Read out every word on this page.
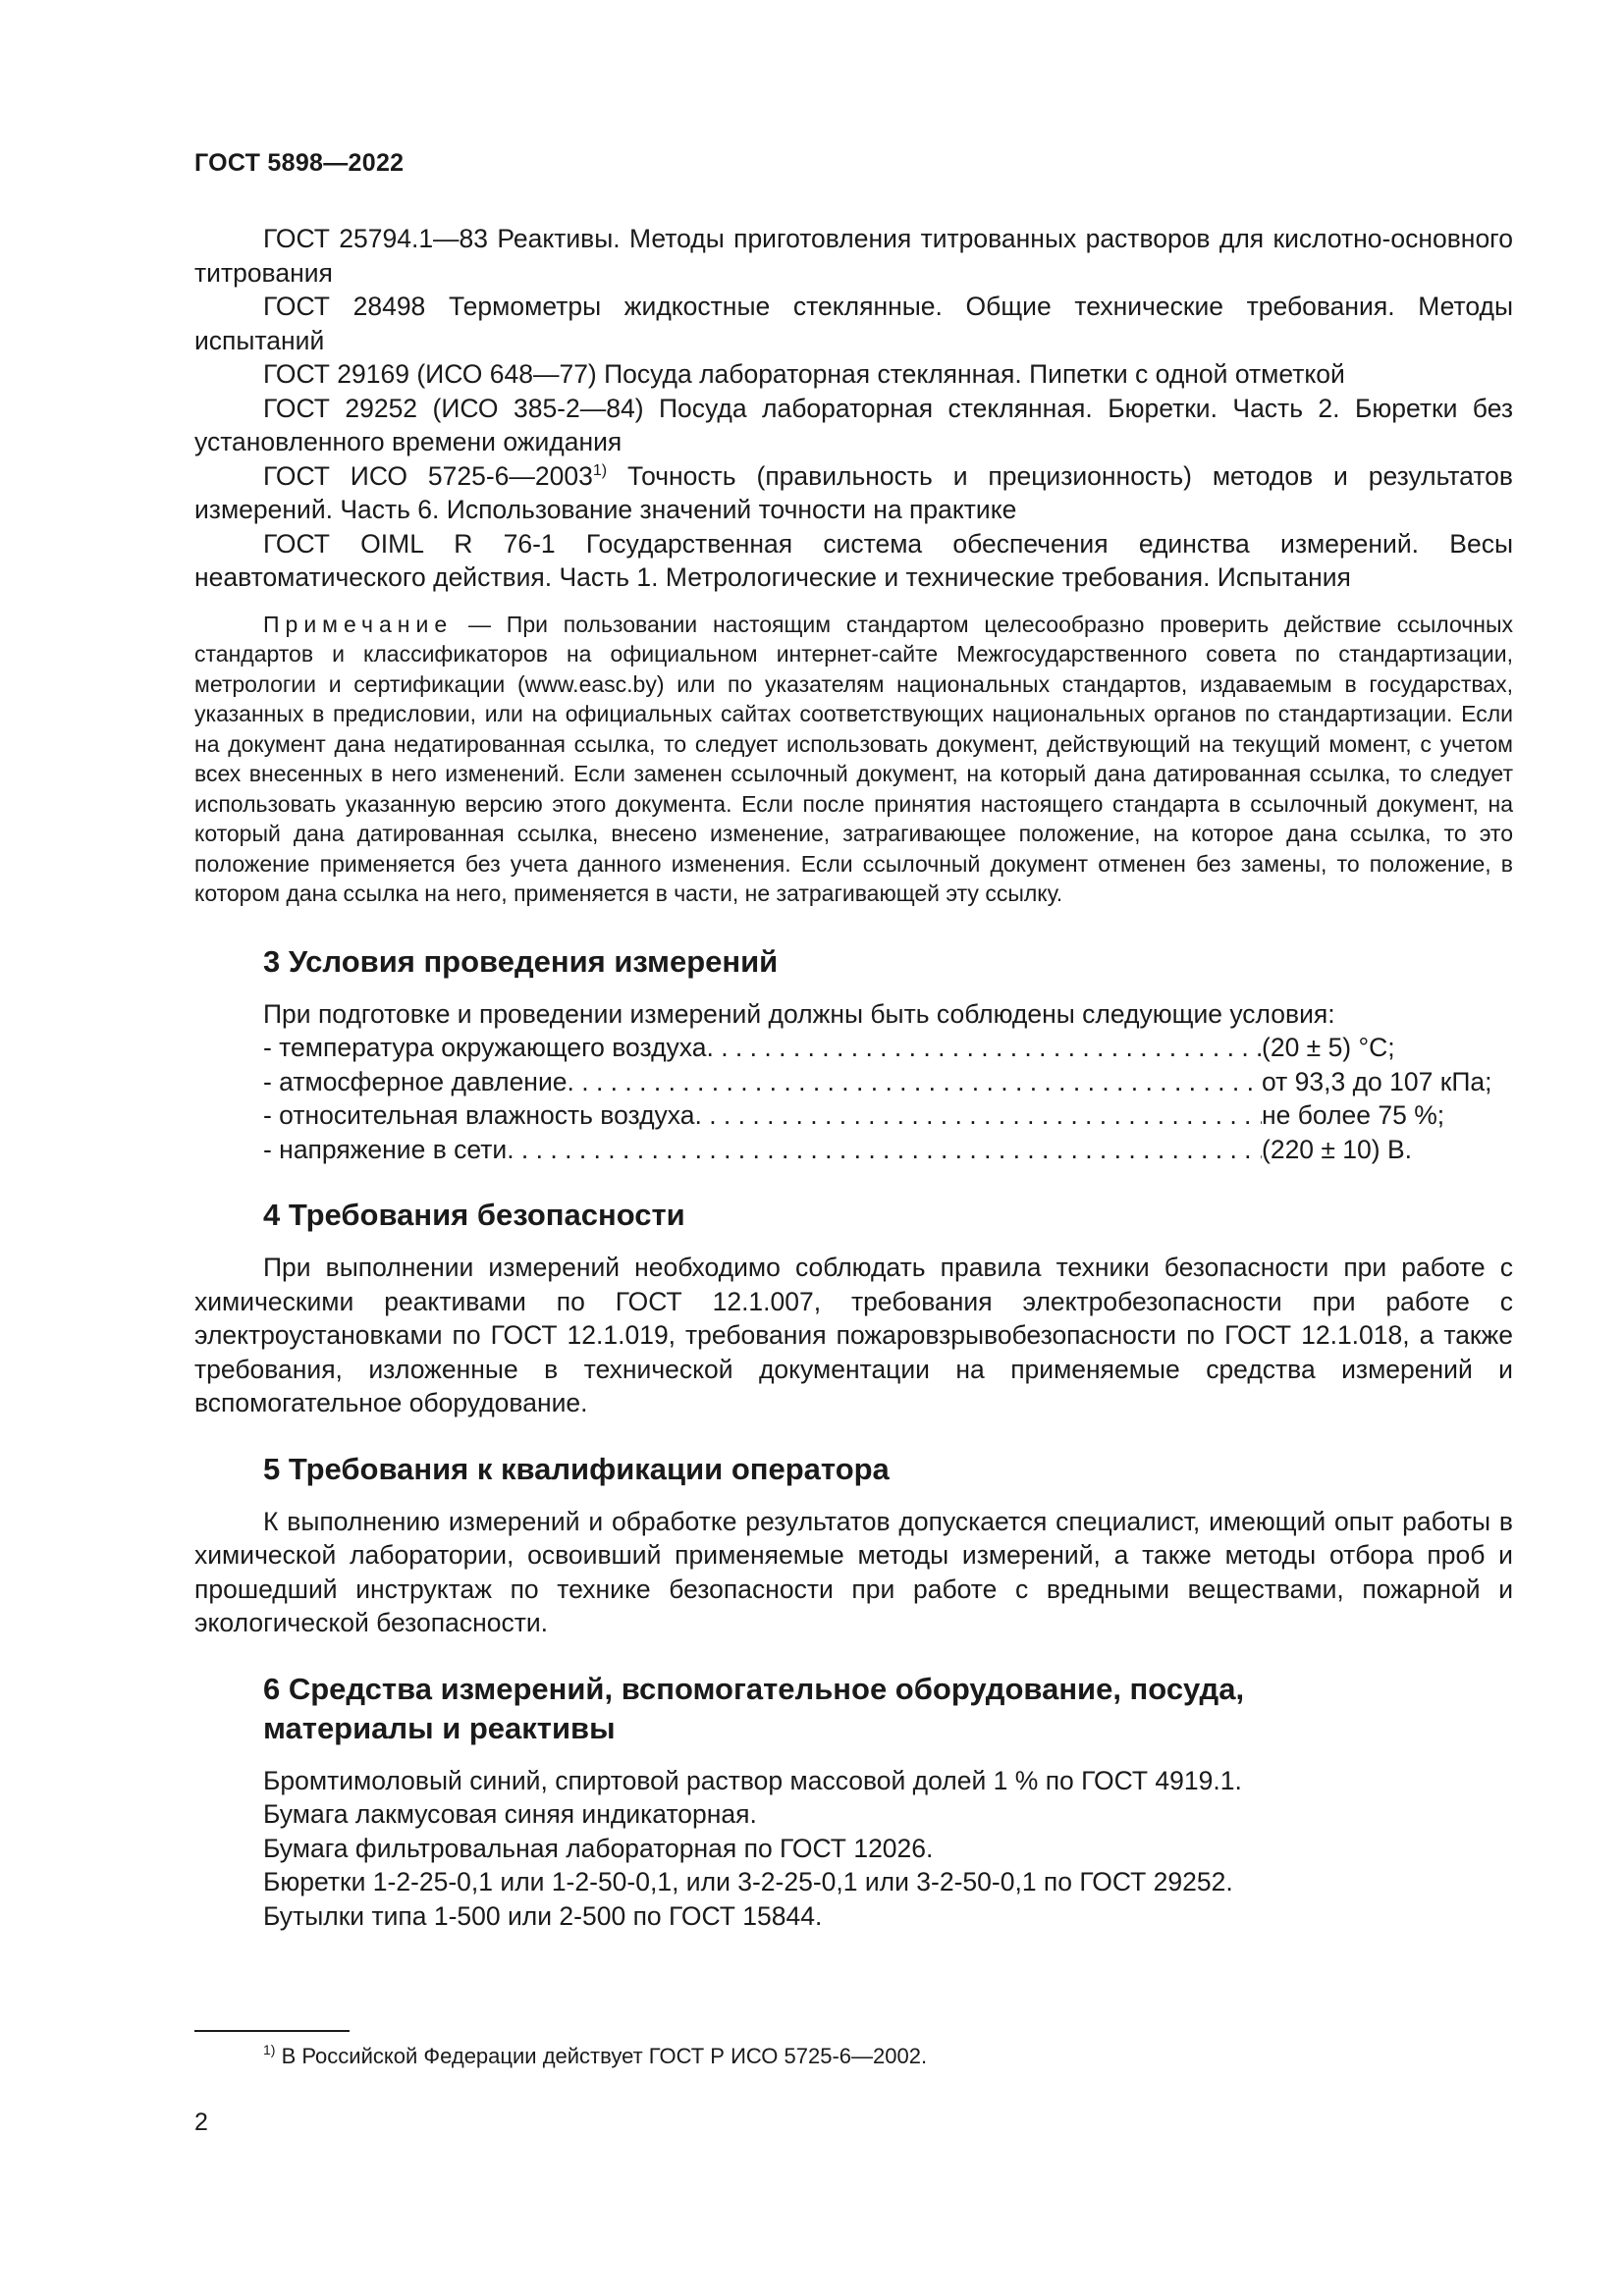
ГОСТ 5898—2022

ГОСТ 25794.1—83 Реактивы. Методы приготовления титрованных растворов для кислотно-основного титрования

ГОСТ 28498 Термометры жидкостные стеклянные. Общие технические требования. Методы испытаний

ГОСТ 29169 (ИСО 648—77) Посуда лабораторная стеклянная. Пипетки с одной отметкой

ГОСТ 29252 (ИСО 385-2—84) Посуда лабораторная стеклянная. Бюретки. Часть 2. Бюретки без установленного времени ожидания

ГОСТ ИСО 5725-6—2003$^{1)}$ Точность (правильность и прецизионность) методов и результатов измерений. Часть 6. Использование значений точности на практике

ГОСТ OIML R 76-1 Государственная система обеспечения единства измерений. Весы неавтоматического действия. Часть 1. Метрологические и технические требования. Испытания

Примечание — При пользовании настоящим стандартом целесообразно проверить действие ссылочных стандартов и классификаторов на официальном интернет-сайте Межгосударственного совета по стандартизации, метрологии и сертификации (www.easc.by) или по указателям национальных стандартов, издаваемым в государствах, указанных в предисловии, или на официальных сайтах соответствующих национальных органов по стандартизации. Если на документ дана недатированная ссылка, то следует использовать документ, действующий на текущий момент, с учетом всех внесенных в него изменений. Если заменен ссылочный документ, на который дана датированная ссылка, то следует использовать указанную версию этого документа. Если после принятия настоящего стандарта в ссылочный документ, на который дана датированная ссылка, внесено изменение, затрагивающее положение, на которое дана ссылка, то это положение применяется без учета данного изменения. Если ссылочный документ отменен без замены, то положение, в котором дана ссылка на него, применяется в части, не затрагивающей эту ссылку.

3 Условия проведения измерений

При подготовке и проведении измерений должны быть соблюдены следующие условия:

- температура окружающего воздуха . . .	(20 ± 5) °С;
- атмосферное давление . . .	от 93,3 до 107 кПа;
- относительная влажность воздуха . . .	не более 75 %;
- напряжение в сети . . .	(220 ± 10) В.
4 Требования безопасности

При выполнении измерений необходимо соблюдать правила техники безопасности при работе с химическими реактивами по ГОСТ 12.1.007, требования электробезопасности при работе с электроустановками по ГОСТ 12.1.019, требования пожаровзрывобезопасности по ГОСТ 12.1.018, а также требования, изложенные в технической документации на применяемые средства измерений и вспомогательное оборудование.

5 Требования к квалификации оператора

К выполнению измерений и обработке результатов допускается специалист, имеющий опыт работы в химической лаборатории, освоивший применяемые методы измерений, а также методы отбора проб и прошедший инструктаж по технике безопасности при работе с вредными веществами, пожарной и экологической безопасности.

6 Средства измерений, вспомогательное оборудование, посуда,
материалы и реактивы

Бромтимоловый синий, спиртовой раствор массовой долей 1 % по ГОСТ 4919.1.

Бумага лакмусовая синяя индикаторная.

Бумага фильтровальная лабораторная по ГОСТ 12026.

Бюретки 1-2-25-0,1 или 1-2-50-0,1, или 3-2-25-0,1 или 3-2-50-0,1 по ГОСТ 29252.

Бутылки типа 1-500 или 2-500 по ГОСТ 15844.

$^{1)}$ В Российской Федерации действует ГОСТ Р ИСО 5725-6—2002.
2
